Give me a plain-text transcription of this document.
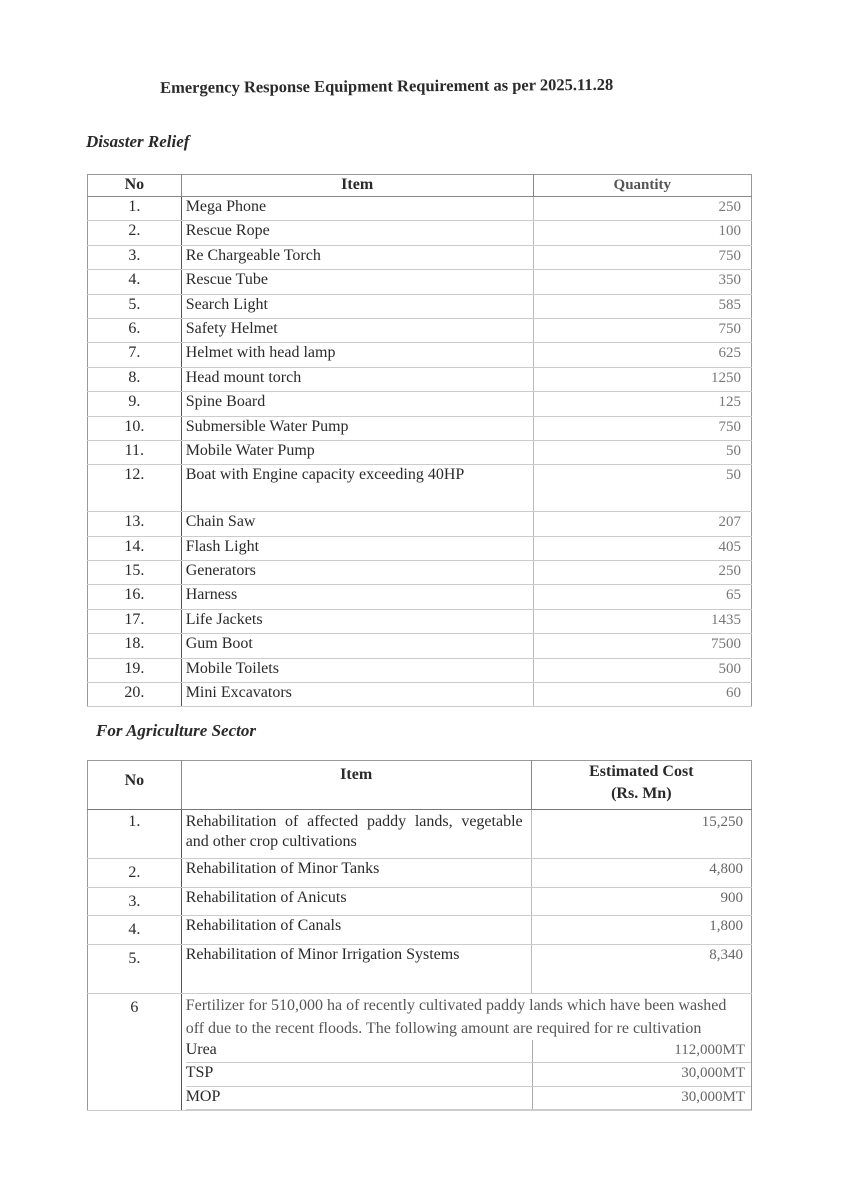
Emergency Response Equipment Requirement as per 2025.11.28
Disaster Relief
No	Item	Quantity
1.	Mega Phone	250
2.	Rescue Rope	100
3.	Re Chargeable Torch	750
4.	Rescue Tube	350
5.	Search Light	585
6.	Safety Helmet	750
7.	Helmet with head lamp	625
8.	Head mount torch	1250
9.	Spine Board	125
10.	Submersible Water Pump	750
11.	Mobile Water Pump	50
12.	Boat with Engine capacity exceeding 40HP	50
13.	Chain Saw	207
14.	Flash Light	405
15.	Generators	250
16.	Harness	65
17.	Life Jackets	1435
18.	Gum Boot	7500
19.	Mobile Toilets	500
20.	Mini Excavators	60
For Agriculture Sector
No	Item	Estimated Cost
(Rs. Mn)

1.	Rehabilitation of affected paddy lands, vegetable and other crop cultivations	15,250
2.	Rehabilitation of Minor Tanks	4,800
3.	Rehabilitation of Anicuts	900
4.	Rehabilitation of Canals	1,800
5.	Rehabilitation of Minor Irrigation Systems	8,340
6	Fertilizer for 510,000 ha of recently cultivated paddy lands which have been washed off due to the recent floods. The following amount are required for re cultivation
Urea	112,000MT
TSP	30,000MT
MOP	30,000MT
